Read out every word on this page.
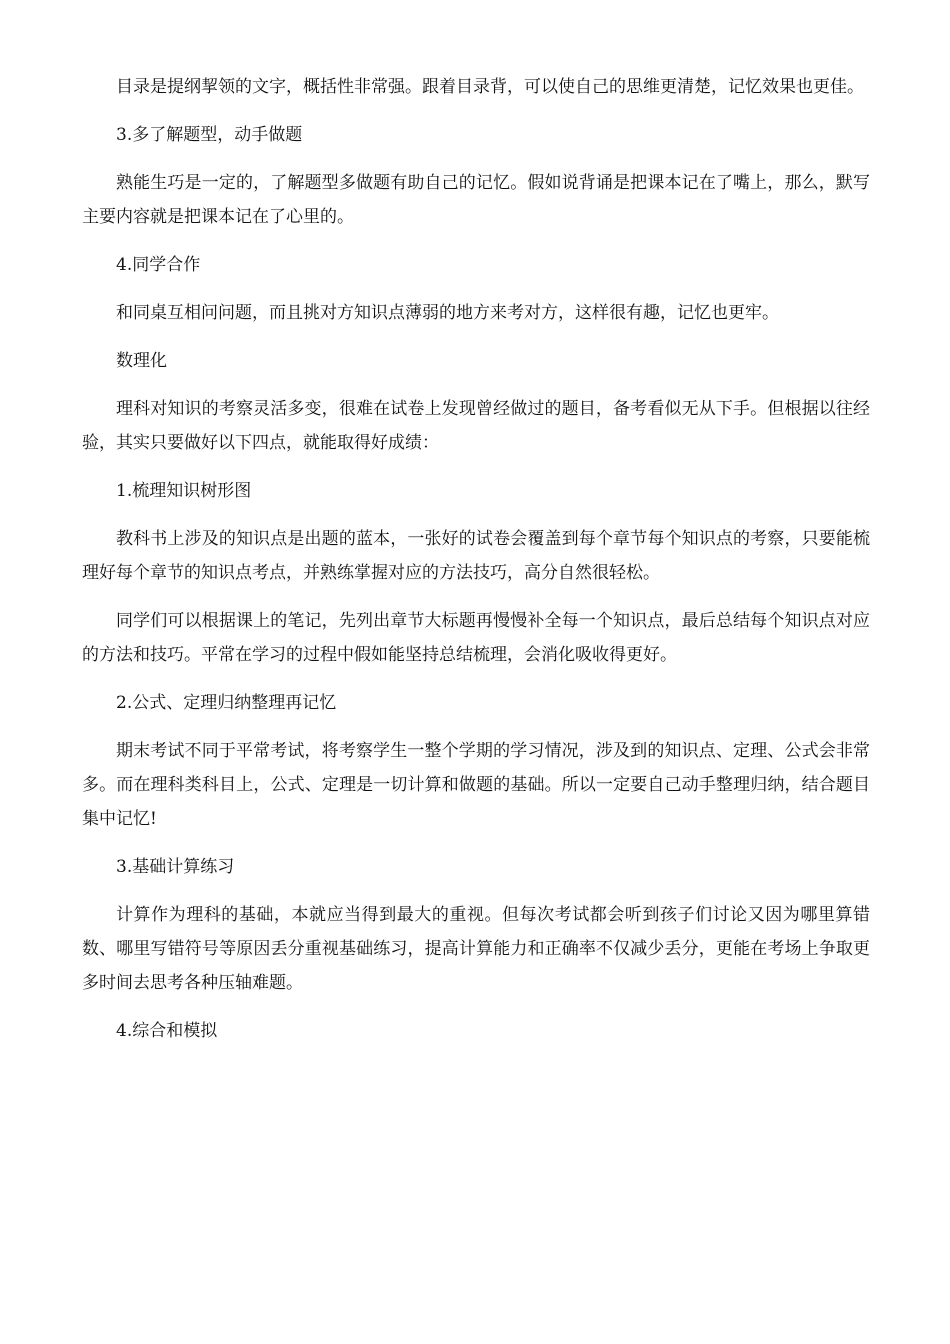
目录是提纲挈领的文字，概括性非常强。跟着目录背，可以使自己的思维更清楚，记忆效果也更佳。

3.多了解题型，动手做题

熟能生巧是一定的，了解题型多做题有助自己的记忆。假如说背诵是把课本记在了嘴上，那么，默写主要内容就是把课本记在了心里的。

4.同学合作

和同桌互相问问题，而且挑对方知识点薄弱的地方来考对方，这样很有趣，记忆也更牢。

数理化

理科对知识的考察灵活多变，很难在试卷上发现曾经做过的题目，备考看似无从下手。但根据以往经验，其实只要做好以下四点，就能取得好成绩：

1.梳理知识树形图

教科书上涉及的知识点是出题的蓝本，一张好的试卷会覆盖到每个章节每个知识点的考察，只要能梳理好每个章节的知识点考点，并熟练掌握对应的方法技巧，高分自然很轻松。

同学们可以根据课上的笔记，先列出章节大标题再慢慢补全每一个知识点，最后总结每个知识点对应的方法和技巧。平常在学习的过程中假如能坚持总结梳理，会消化吸收得更好。

2.公式、定理归纳整理再记忆

期末考试不同于平常考试，将考察学生一整个学期的学习情况，涉及到的知识点、定理、公式会非常多。而在理科类科目上，公式、定理是一切计算和做题的基础。所以一定要自己动手整理归纳，结合题目集中记忆!

3.基础计算练习

计算作为理科的基础，本就应当得到最大的重视。但每次考试都会听到孩子们讨论又因为哪里算错数、哪里写错符号等原因丢分重视基础练习，提高计算能力和正确率不仅减少丢分，更能在考场上争取更多时间去思考各种压轴难题。

4.综合和模拟
